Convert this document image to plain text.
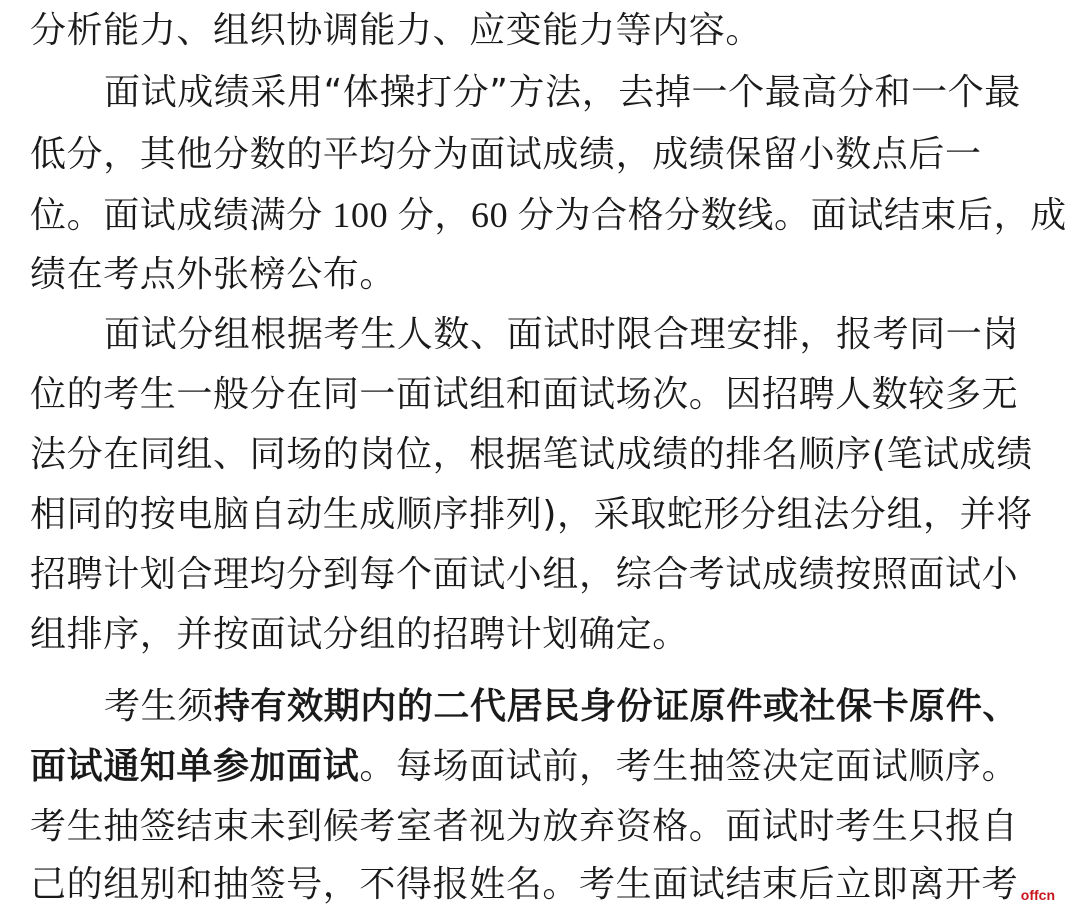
分析能力、组织协调能力、应变能力等内容。
面试成绩采用“体操打分”方法，去掉一个最高分和一个最
低分，其他分数的平均分为面试成绩，成绩保留小数点后一
位。面试成绩满分 100 分，60 分为合格分数线。面试结束后，成
绩在考点外张榜公布。
面试分组根据考生人数、面试时限合理安排，报考同一岗
位的考生一般分在同一面试组和面试场次。因招聘人数较多无
法分在同组、同场的岗位，根据笔试成绩的排名顺序(笔试成绩
相同的按电脑自动生成顺序排列)，采取蛇形分组法分组，并将
招聘计划合理均分到每个面试小组，综合考试成绩按照面试小
组排序，并按面试分组的招聘计划确定。
考生须持有效期内的二代居民身份证原件或社保卡原件、
面试通知单参加面试。每场面试前，考生抽签决定面试顺序。
考生抽签结束未到候考室者视为放弃资格。面试时考生只报自
己的组别和抽签号，不得报姓名。考生面试结束后立即离开考 offcn
